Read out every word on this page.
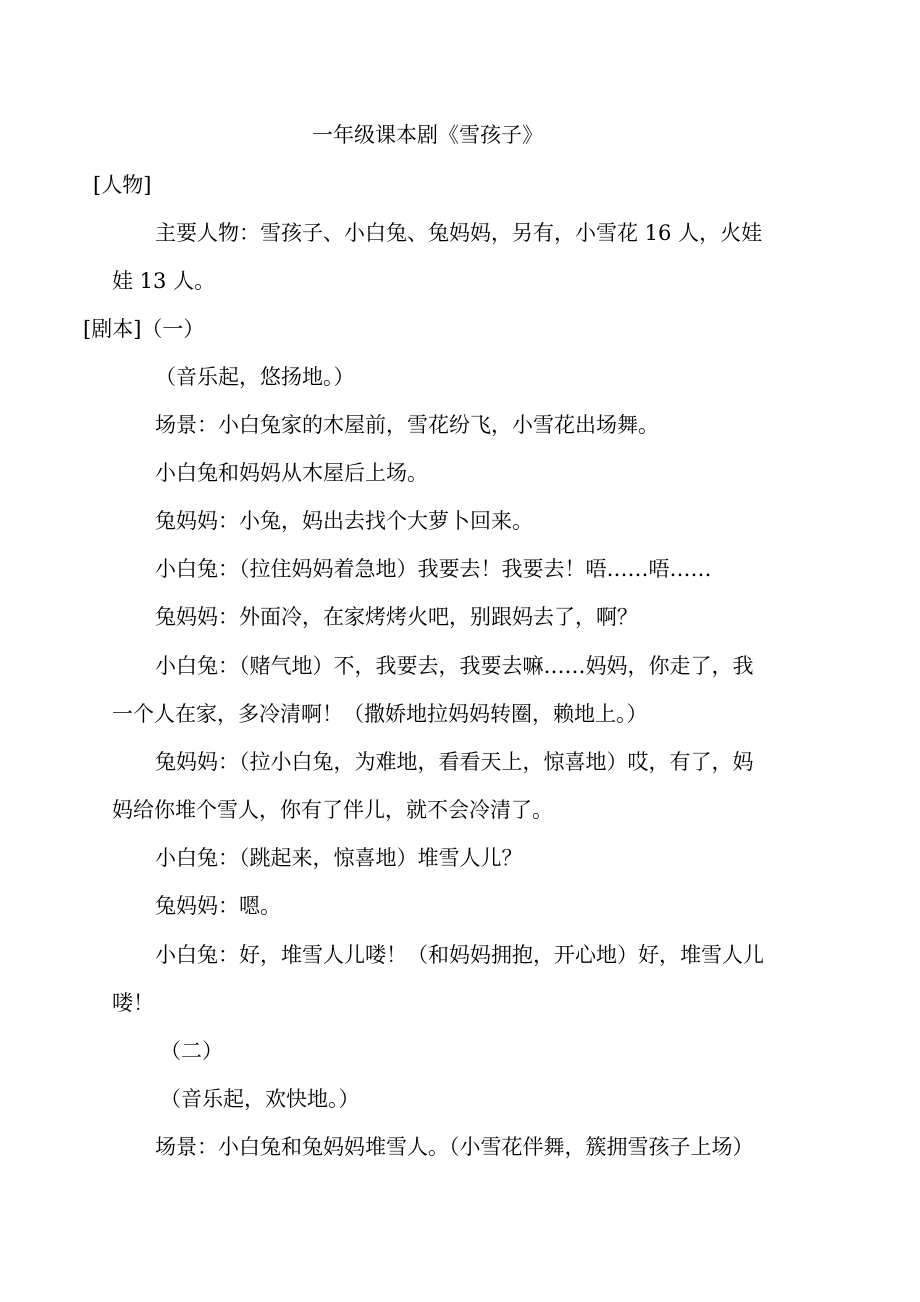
一年级课本剧《雪孩子》
[人物]
主要人物：雪孩子、小白兔、兔妈妈，另有，小雪花 16 人，火娃
娃 13 人。
[剧本]（一）
（音乐起，悠扬地。）
场景：小白兔家的木屋前，雪花纷飞，小雪花出场舞。
小白兔和妈妈从木屋后上场。
兔妈妈：小兔，妈出去找个大萝卜回来。
小白兔：（拉住妈妈着急地）我要去！我要去！唔……唔……
兔妈妈：外面冷，在家烤烤火吧，别跟妈去了，啊？
小白兔：（赌气地）不，我要去，我要去嘛……妈妈，你走了，我
一个人在家，多冷清啊！（撒娇地拉妈妈转圈，赖地上。）
兔妈妈：（拉小白兔，为难地，看看天上，惊喜地）哎，有了，妈
妈给你堆个雪人，你有了伴儿，就不会冷清了。
小白兔：（跳起来，惊喜地）堆雪人儿？
兔妈妈：嗯。
小白兔：好，堆雪人儿喽！（和妈妈拥抱，开心地）好，堆雪人儿
喽！
（二）
（音乐起，欢快地。）
场景：小白兔和兔妈妈堆雪人。（小雪花伴舞，簇拥雪孩子上场）
